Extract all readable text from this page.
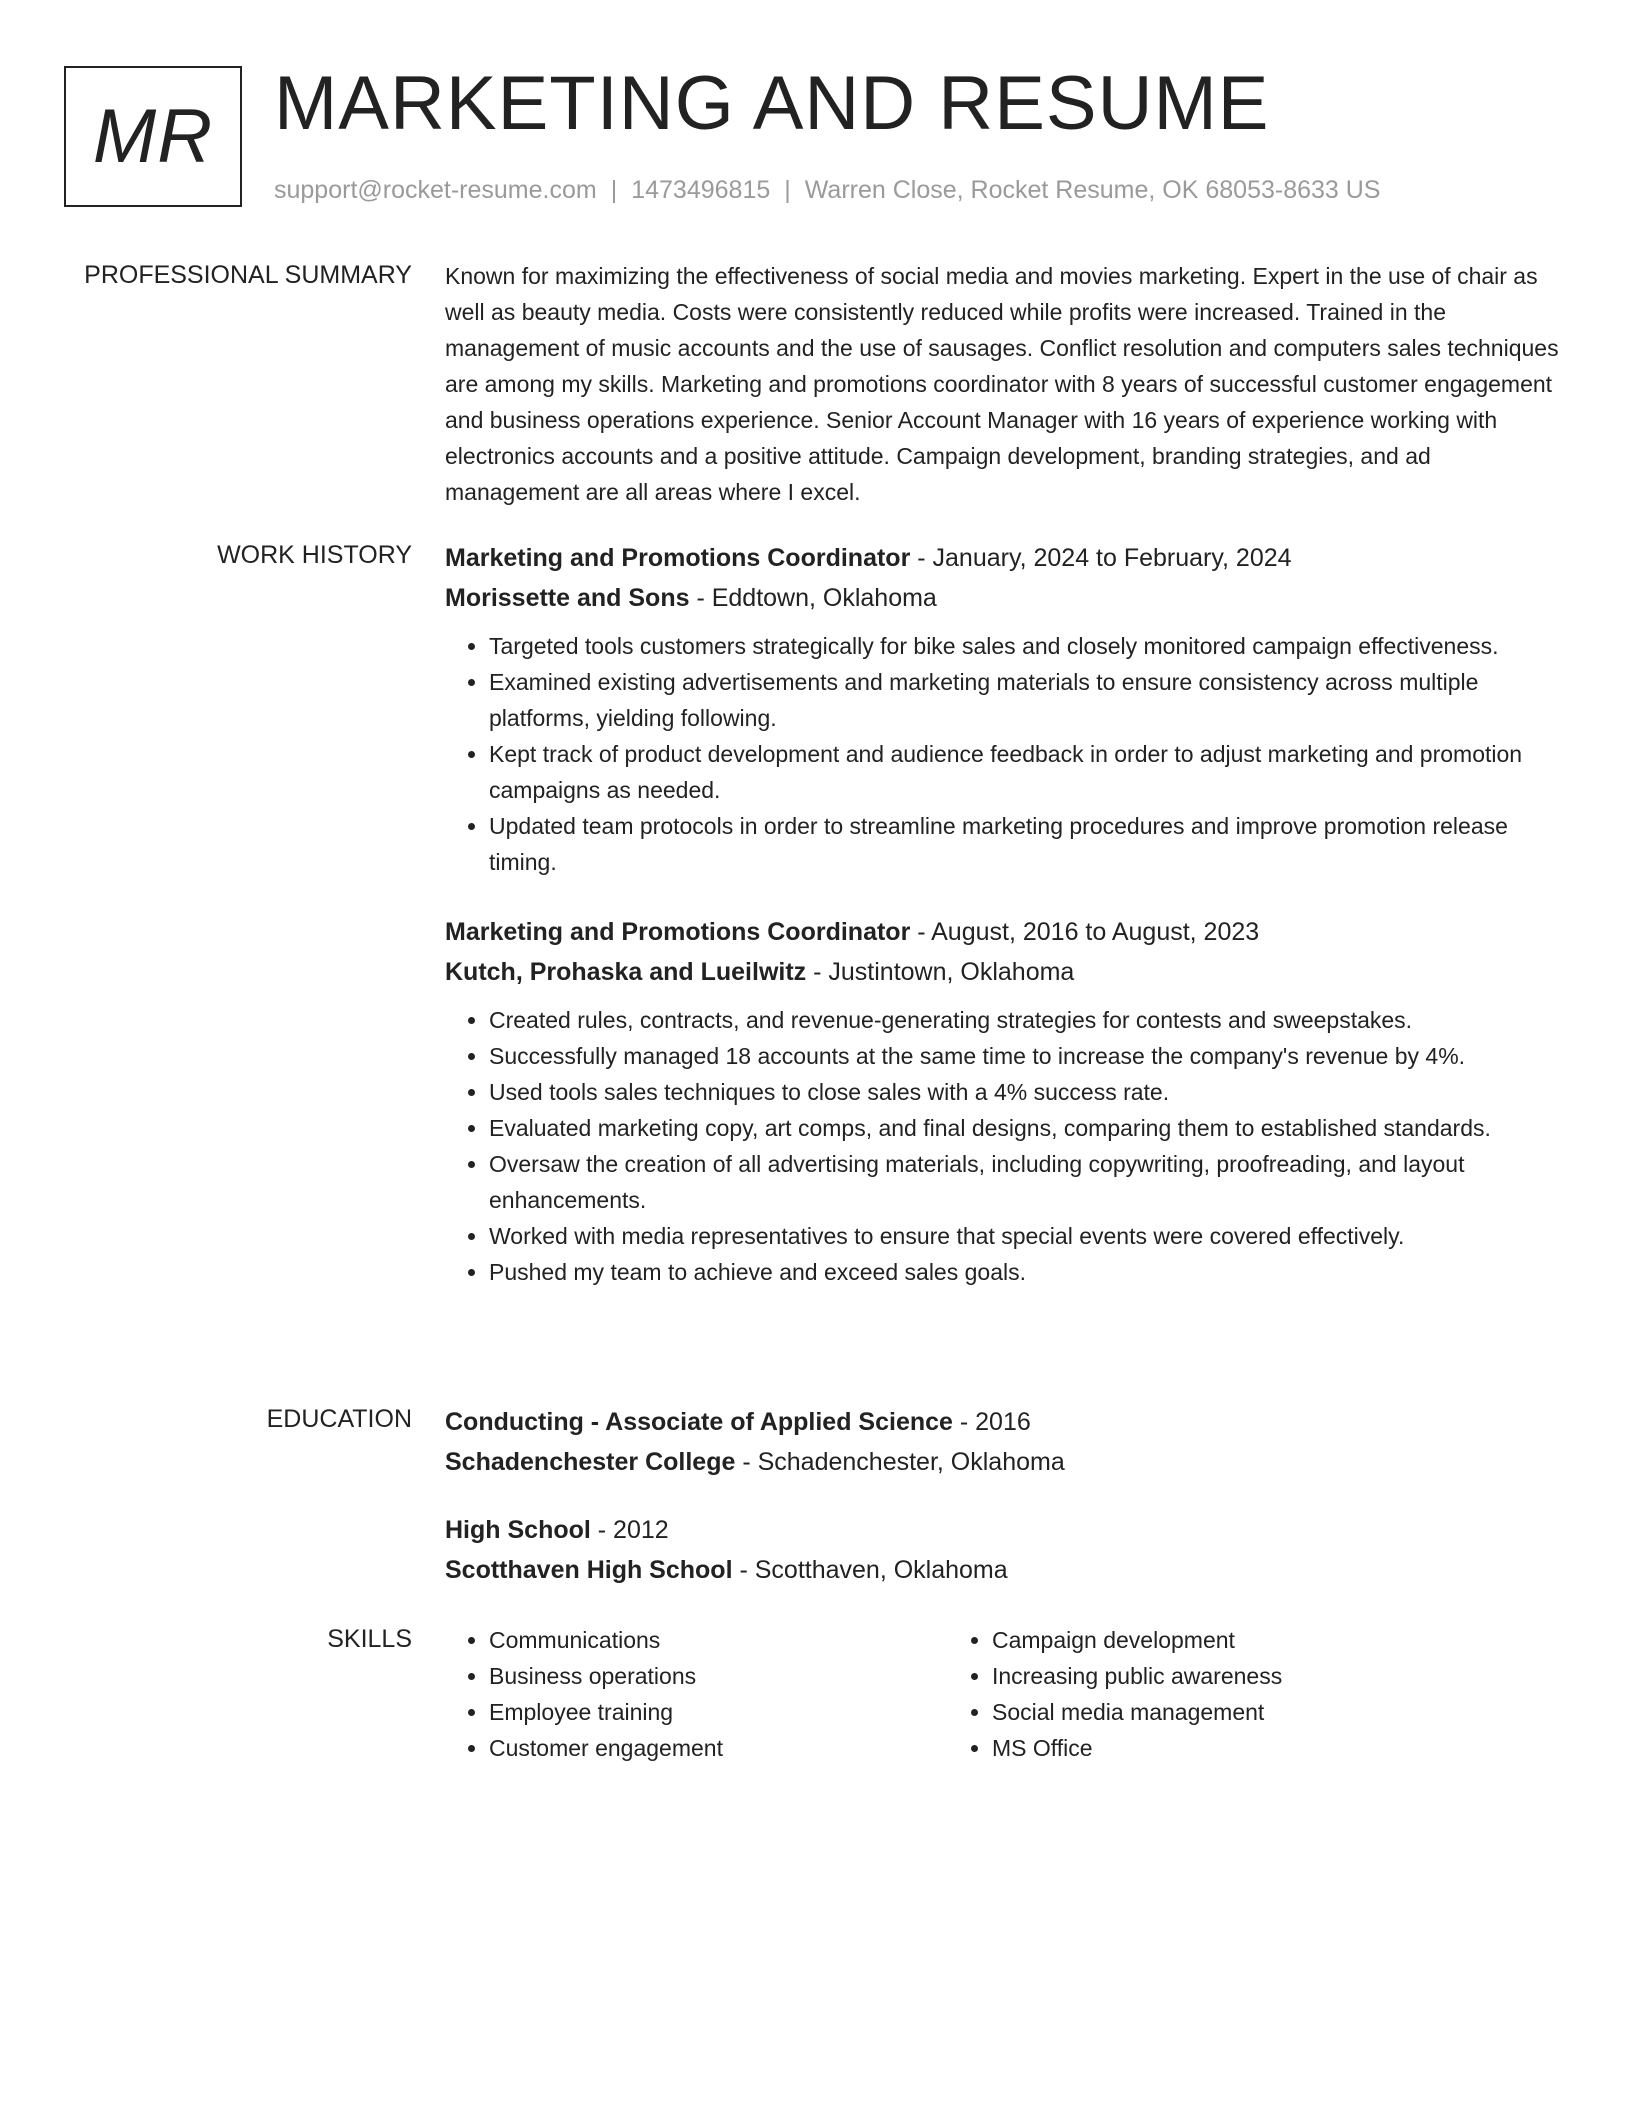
MR MARKETING AND RESUME
support@rocket-resume.com | 1473496815 | Warren Close, Rocket Resume, OK 68053-8633 US
PROFESSIONAL SUMMARY Known for maximizing the effectiveness of social media and movies marketing. Expert in the use of chair as well as beauty media. Costs were consistently reduced while profits were increased. Trained in the management of music accounts and the use of sausages. Conflict resolution and computers sales techniques are among my skills. Marketing and promotions coordinator with 8 years of successful customer engagement and business operations experience. Senior Account Manager with 16 years of experience working with electronics accounts and a positive attitude. Campaign development, branding strategies, and ad management are all areas where I excel.

WORK HISTORY Marketing and Promotions Coordinator - January, 2024 to February, 2024
Morissette and Sons - Eddtown, Oklahoma
• Targeted tools customers strategically for bike sales and closely monitored campaign effectiveness.
• Examined existing advertisements and marketing materials to ensure consistency across multiple platforms, yielding following.
• Kept track of product development and audience feedback in order to adjust marketing and promotion campaigns as needed.
• Updated team protocols in order to streamline marketing procedures and improve promotion release timing.
Marketing and Promotions Coordinator - August, 2016 to August, 2023
Kutch, Prohaska and Lueilwitz - Justintown, Oklahoma
• Created rules, contracts, and revenue-generating strategies for contests and sweepstakes.
• Successfully managed 18 accounts at the same time to increase the company's revenue by 4%.
• Used tools sales techniques to close sales with a 4% success rate.
• Evaluated marketing copy, art comps, and final designs, comparing them to established standards.
• Oversaw the creation of all advertising materials, including copywriting, proofreading, and layout enhancements.
• Worked with media representatives to ensure that special events were covered effectively.
• Pushed my team to achieve and exceed sales goals.
EDUCATION Conducting - Associate of Applied Science - 2016
Schadenchester College - Schadenchester, Oklahoma
High School - 2012
Scotthaven High School - Scotthaven, Oklahoma
SKILLS
•	Communications
• Business operations
• Employee training
• Customer engagement
• Campaign development
• Increasing public awareness
• Social media management
• MS Office
